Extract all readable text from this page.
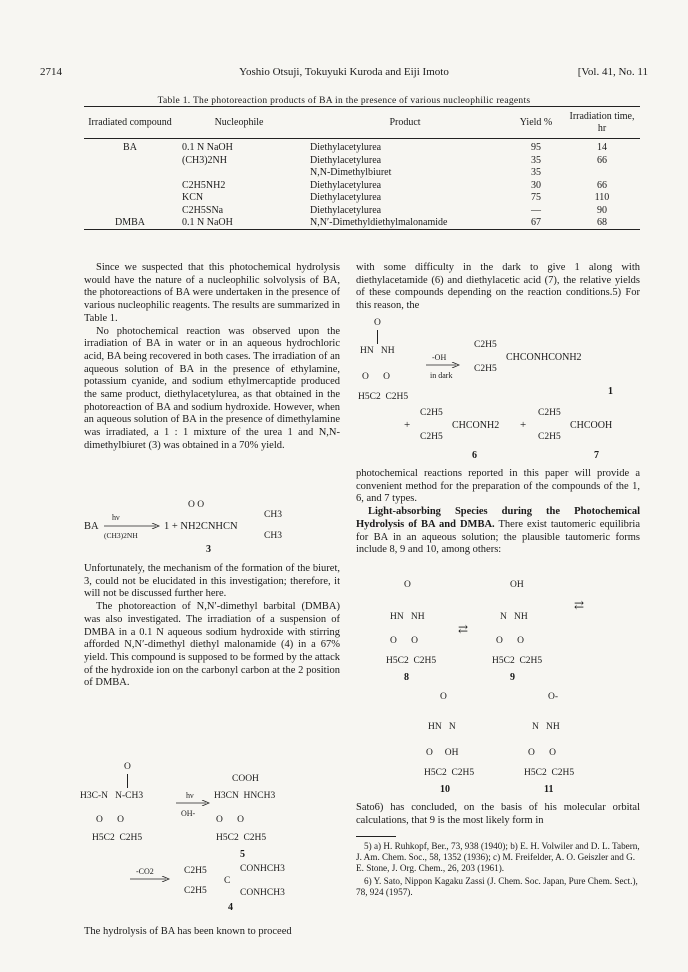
2714	Yoshio Otsuji, Tokuyuki Kuroda and Eiji Imoto	[Vol. 41, No. 11
Table 1. The photoreaction products of BA in the presence of various nucleophilic reagents
Irradiated compound	Nucleophile	Product	Yield %	Irradiation time, hr
BA	0.1 N NaOH	Diethylacetylurea	95	14
	(CH3)2NH	Diethylacetylurea	35	66
		N,N-Dimethylbiuret	35	
	C2H5NH2	Diethylacetylurea	30	66
	KCN	Diethylacetylurea	75	110
	C2H5SNa	Diethylacetylurea	—	90
DMBA	0.1 N NaOH	N,N′-Dimethyldiethylmalonamide	67	68

Since we suspected that this photochemical hydrolysis would have the nature of a nucleophilic solvolysis of BA, the photoreactions of BA were undertaken in the presence of various nucleophilic reagents. The results are summarized in Table 1.

No photochemical reaction was observed upon the irradiation of BA in water or in an aqueous hydrochloric acid, BA being recovered in both cases. The irradiation of an aqueous solution of BA in the presence of ethylamine, potassium cyanide, and sodium ethylmercaptide produced the same product, diethylacetylurea, as that obtained in the photoreaction of BA and sodium hydroxide. However, when an aqueous solution of BA in the presence of dimethylamine was irradiated, a 1 : 1 mixture of the urea 1 and N,N-dimethylbiuret (3) was obtained in a 70% yield.

O O
BA
hν
(CH3)2NH
1 + NH2CNHCN
CH3
CH3
3

Unfortunately, the mechanism of the formation of the biuret, 3, could not be elucidated in this investigation; therefore, it will not be discussed further here.

The photoreaction of N,N′-dimethyl barbital (DMBA) was also investigated. The irradiation of a suspension of DMBA in a 0.1 N aqueous sodium hydroxide with stirring afforded N,N′-dimethyl diethyl malonamide (4) in a 67% yield. This compound is supposed to be formed by the attack of the hydroxide ion on the carbonyl carbon at the 2 position of DMBA.

O
H3C-N   N-CH3
O      O
H5C2  C2H5
hν
OH-
COOH
H3CN  HNCH3
O      O
H5C2  C2H5
5
-CO2	C2H5
C2H5
C
CONHCH3
CONHCH3
4

The hydrolysis of BA has been known to proceed

with some difficulty in the dark to give 1 along with diethylacetamide (6) and diethylacetic acid (7), the relative yields of these compounds depending on the reaction conditions.5) For this reason, the

O
HN   NH
O      O
H5C2  C2H5
-OH
in dark
C2H5
C2H5
CHCONHCONH2
1
+
C2H5
C2H5
CHCONH2 +
C2H5
C2H5
CHCOOH
6	7

photochemical reactions reported in this paper will provide a convenient method for the preparation of the compounds of the 1, 6, and 7 types.

Light-absorbing Species during the Photochemical Hydrolysis of BA and DMBA. There exist tautomeric equilibria for BA in an aqueous solution; the plausible tautomeric forms include 8, 9 and 10, among others:

O
HN   NH
O      O
H5C2  C2H5
8
⇄
OH
N   NH
O      O
H5C2  C2H5
9
⇄
O
HN   N
O     OH
H5C2  C2H5
10
O-
N   NH
O      O
H5C2  C2H5
11

Sato6) has concluded, on the basis of his molecular orbital calculations, that 9 is the most likely form in

5) a) H. Ruhkopf, Ber., 73, 938 (1940); b) E. H. Volwiler and D. L. Tabern, J. Am. Chem. Soc., 58, 1352 (1936); c) M. Freifelder, A. O. Geiszler and G. E. Stone, J. Org. Chem., 26, 203 (1961).

6) Y. Sato, Nippon Kagaku Zassi (J. Chem. Soc. Japan, Pure Chem. Sect.), 78, 924 (1957).
